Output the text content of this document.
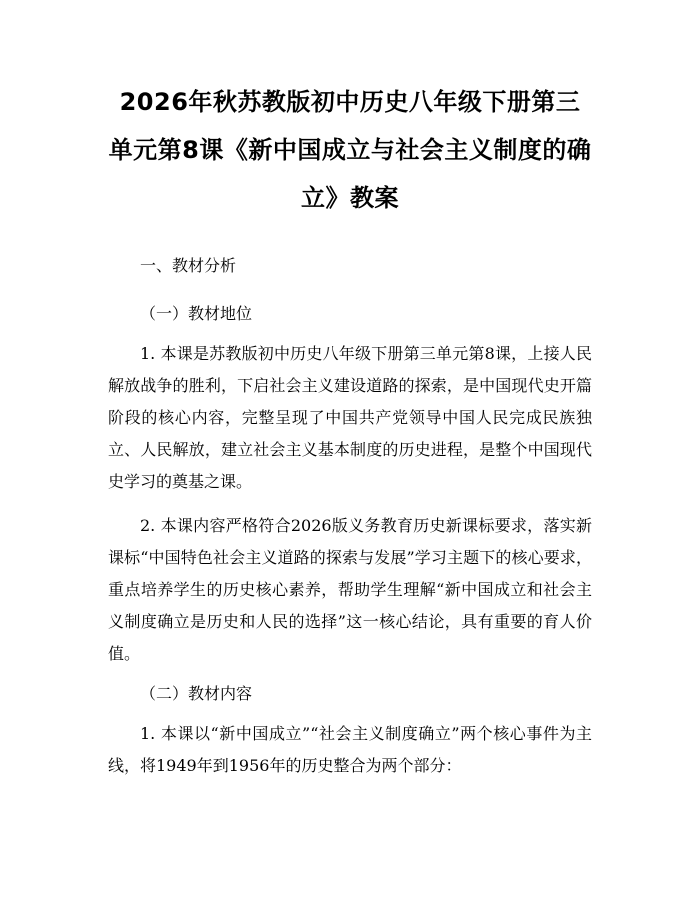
2026年秋苏教版初中历史八年级下册第三单元第8课《新中国成立与社会主义制度的确立》教案
一、教材分析
（一）教材地位

1. 本课是苏教版初中历史八年级下册第三单元第8课，上接人民解放战争的胜利，下启社会主义建设道路的探索，是中国现代史开篇阶段的核心内容，完整呈现了中国共产党领导中国人民完成民族独立、人民解放，建立社会主义基本制度的历史进程，是整个中国现代史学习的奠基之课。

2. 本课内容严格符合2026版义务教育历史新课标要求，落实新课标“中国特色社会主义道路的探索与发展”学习主题下的核心要求，重点培养学生的历史核心素养，帮助学生理解“新中国成立和社会主义制度确立是历史和人民的选择”这一核心结论，具有重要的育人价值。

（二）教材内容

1. 本课以“新中国成立”“社会主义制度确立”两个核心事件为主线，将1949年到1956年的历史整合为两个部分：
